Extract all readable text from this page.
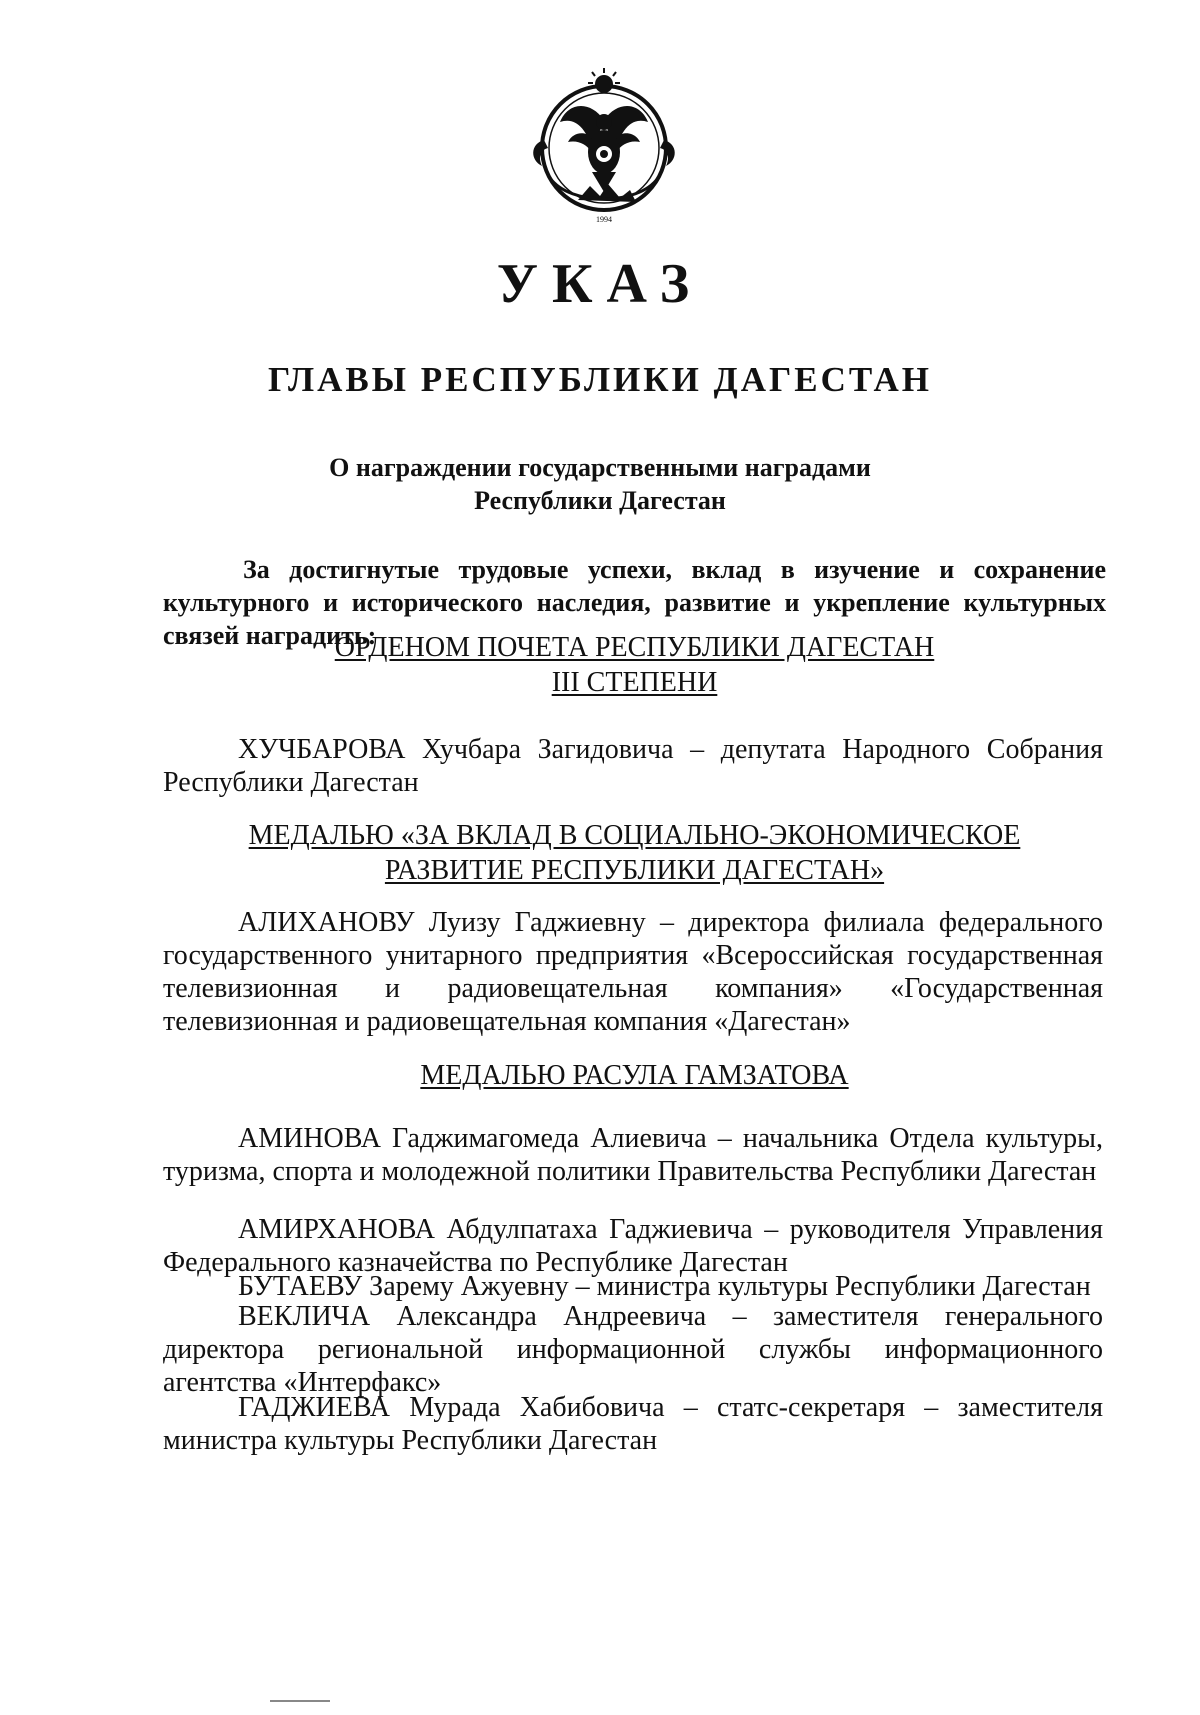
1994
УКАЗ
ГЛАВЫ РЕСПУБЛИКИ ДАГЕСТАН
О награждении государственными наградами
Республики Дагестан
За достигнутые трудовые успехи, вклад в изучение и сохранение культурного и исторического наследия, развитие и укрепление культурных связей наградить:
ОРДЕНОМ ПОЧЕТА РЕСПУБЛИКИ ДАГЕСТАН
III СТЕПЕНИ
ХУЧБАРОВА Хучбара Загидовича – депутата Народного Собрания Республики Дагестан
МЕДАЛЬЮ «ЗА ВКЛАД В СОЦИАЛЬНО-ЭКОНОМИЧЕСКОЕ
РАЗВИТИЕ РЕСПУБЛИКИ ДАГЕСТАН»
АЛИХАНОВУ Луизу Гаджиевну – директора филиала федерального государственного унитарного предприятия «Всероссийская государственная телевизионная и радиовещательная компания» «Государственная телевизионная и радиовещательная компания «Дагестан»
МЕДАЛЬЮ РАСУЛА ГАМЗАТОВА
АМИНОВА Гаджимагомеда Алиевича – начальника Отдела культуры, туризма, спорта и молодежной политики Правительства Республики Дагестан
АМИРХАНОВА Абдулпатаха Гаджиевича – руководителя Управления Федерального казначейства по Республике Дагестан
БУТАЕВУ Зарему Ажуевну – министра культуры Республики Дагестан
ВЕКЛИЧА Александра Андреевича – заместителя генерального директора региональной информационной службы информационного агентства «Интерфакс»
ГАДЖИЕВА Мурада Хабибовича – статс-секретаря – заместителя министра культуры Республики Дагестан
